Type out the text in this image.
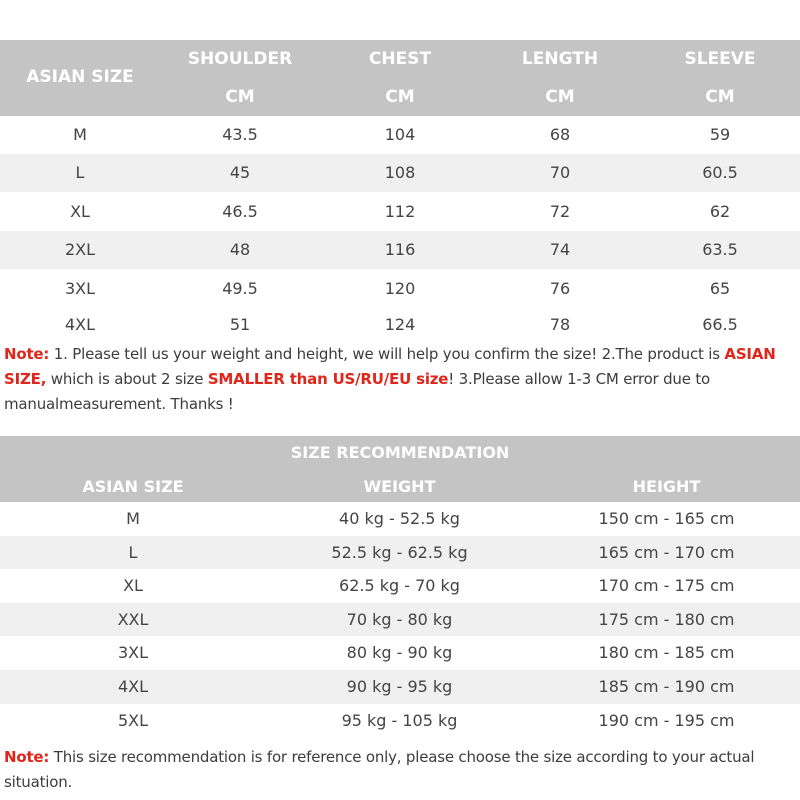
ASIAN SIZE
SHOULDER	CHEST	LENGTH	SLEEVE
CM	CM	CM	CM
M	43.5	104	68	59
L	45	108	70	60.5
XL	46.5	112	72	62
2XL	48	116	74	63.5
3XL	49.5	120	76	65
4XL	51	124	78	66.5
Note: 1. Please tell us your weight and height, we will help you confirm the size! 2.The product is ASIAN SIZE, which is about 2 size SMALLER than US/RU/EU size! 3.Please allow 1-3 CM error due to manualmeasurement. Thanks !
SIZE RECOMMENDATION
ASIAN SIZE	WEIGHT	HEIGHT
M	40 kg - 52.5 kg	150 cm - 165 cm
L	52.5 kg - 62.5 kg	165 cm - 170 cm
XL	62.5 kg - 70 kg	170 cm - 175 cm
XXL	70 kg - 80 kg	175 cm - 180 cm
3XL	80 kg - 90 kg	180 cm - 185 cm
4XL	90 kg - 95 kg	185 cm - 190 cm
5XL	95 kg - 105 kg	190 cm - 195 cm
Note: This size recommendation is for reference only, please choose the size according to your actual situation.
